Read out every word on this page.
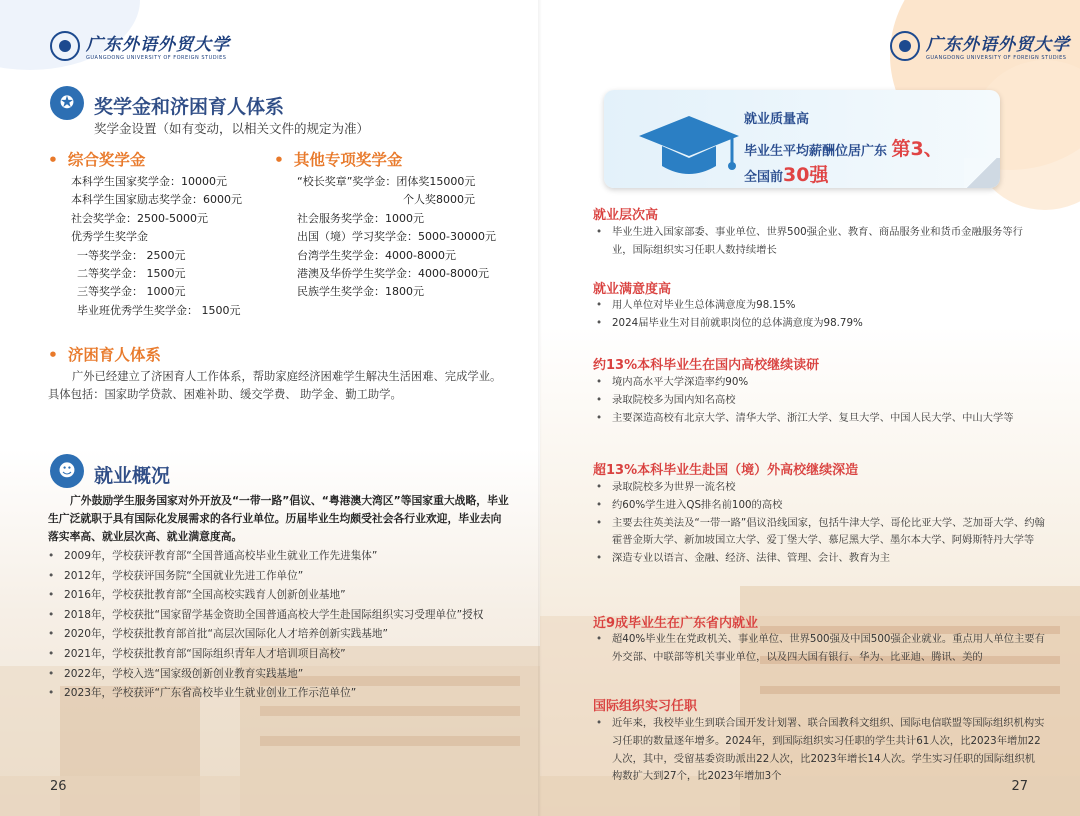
广东外语外贸大学
GUANGDONG UNIVERSITY OF FOREIGN STUDIES
✪	奖学金和济困育人体系
奖学金设置（如有变动，以相关文件的规定为准）
• 综合奖学金
本科学生国家奖学金：10000元
本科学生国家励志奖学金：6000元
社会奖学金：2500-5000元
优秀学生奖学金
一等奖学金： 2500元
二等奖学金： 1500元
三等奖学金： 1000元
毕业班优秀学生奖学金： 1500元
• 其他专项奖学金
“校长奖章”奖学金：团体奖15000元
个人奖8000元
社会服务奖学金：1000元
出国（境）学习奖学金：5000-30000元
台湾学生奖学金：4000-8000元
港澳及华侨学生奖学金：4000-8000元
民族学生奖学金：1800元
• 济困育人体系
广外已经建立了济困育人工作体系，帮助家庭经济困难学生解决生活困难、完成学业。具体包括：国家助学贷款、困难补助、缓交学费、 助学金、勤工助学。
☻ 就业概况
广外鼓励学生服务国家对外开放及“一带一路”倡议、“粤港澳大湾区”等国家重大战略，毕业生广泛就职于具有国际化发展需求的各行业单位。历届毕业生均颇受社会各行业欢迎，毕业去向落实率高、就业层次高、就业满意度高。
• 2009年，学校获评教育部“全国普通高校毕业生就业工作先进集体”
• 2012年，学校获评国务院“全国就业先进工作单位”
• 2016年，学校获批教育部“全国高校实践育人创新创业基地”
• 2018年，学校获批“国家留学基金资助全国普通高校大学生赴国际组织实习受理单位”授权
• 2020年，学校获批教育部首批“高层次国际化人才培养创新实践基地”
• 2021年，学校获批教育部“国际组织青年人才培训项目高校”
• 2022年，学校入选“国家级创新创业教育实践基地”
• 2023年，学校获评“广东省高校毕业生就业创业工作示范单位”
26
广东外语外贸大学
GUANGDONG UNIVERSITY OF FOREIGN STUDIES
27
就业质量高
毕业生平均薪酬位居广东 第3、
全国前30强
就业层次高
• 毕业生进入国家部委、事业单位、世界500强企业、教育、商品服务业和货币金融服务等行业，国际组织实习任职人数持续增长
就业满意度高
• 用人单位对毕业生总体满意度为98.15%
• 2024届毕业生对目前就职岗位的总体满意度为98.79%
约13%本科毕业生在国内高校继续读研
• 境内高水平大学深造率约90%
• 录取院校多为国内知名高校
• 主要深造高校有北京大学、清华大学、浙江大学、复旦大学、中国人民大学、中山大学等
超13%本科毕业生赴国（境）外高校继续深造
• 录取院校多为世界一流名校
• 约60%学生进入QS排名前100的高校
• 主要去往英美法及“一带一路”倡议沿线国家，包括牛津大学、哥伦比亚大学、芝加哥大学、约翰霍普金斯大学、新加坡国立大学、爱丁堡大学、慕尼黑大学、墨尔本大学、阿姆斯特丹大学等
• 深造专业以语言、金融、经济、法律、管理、会计、教育为主
近9成毕业生在广东省内就业
• 超40%毕业生在党政机关、事业单位、世界500强及中国500强企业就业。重点用人单位主要有外交部、中联部等机关事业单位，以及四大国有银行、华为、比亚迪、腾讯、美的
国际组织实习任职
• 近年来，我校毕业生到联合国开发计划署、联合国教科文组织、国际电信联盟等国际组织机构实习任职的数量逐年增多。2024年，到国际组织实习任职的学生共计61人次，比2023年增加22人次，其中，受留基委资助派出22人次，比2023年增长14人次。学生实习任职的国际组织机构数扩大到27个，比2023年增加3个
